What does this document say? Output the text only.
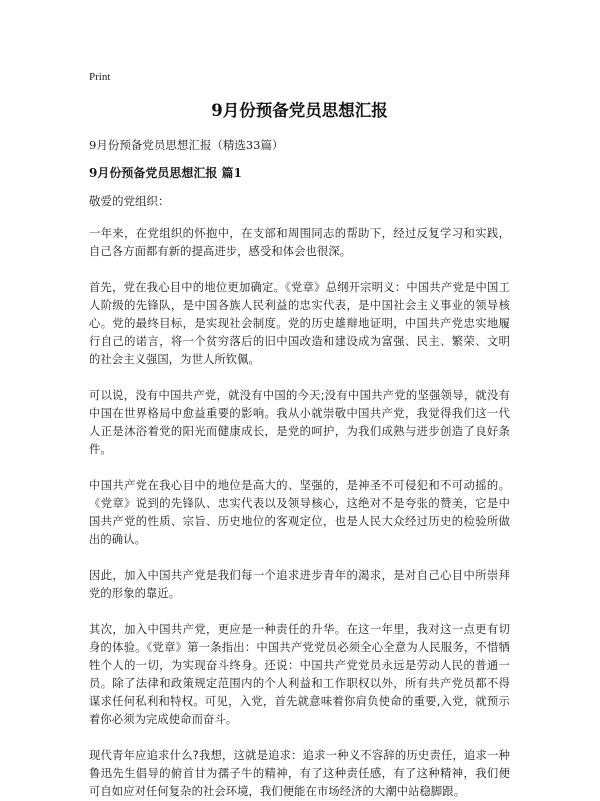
Print
9月份预备党员思想汇报
9月份预备党员思想汇报（精选33篇）
9月份预备党员思想汇报 篇1
敬爱的党组织：

一年来，在党组织的怀抱中，在支部和周围同志的帮助下，经过反复学习和实践，自己各方面都有新的提高进步，感受和体会也很深。

首先，党在我心目中的地位更加确定。《党章》总纲开宗明义：中国共产党是中国工人阶级的先锋队，是中国各族人民利益的忠实代表，是中国社会主义事业的领导核心。党的最终目标，是实现社会制度。党的历史雄辩地证明，中国共产党忠实地履行自己的诺言，将一个贫穷落后的旧中国改造和建设成为富强、民主、繁荣、文明的社会主义强国，为世人所钦佩。

可以说，没有中国共产党，就没有中国的今天;没有中国共产党的坚强领导，就没有中国在世界格局中愈益重要的影响。我从小就崇敬中国共产党，我觉得我们这一代人正是沐浴着党的阳光而健康成长，是党的呵护，为我们成熟与进步创造了良好条件。

中国共产党在我心目中的地位是高大的、坚强的，是神圣不可侵犯和不可动摇的。《党章》说到的先锋队、忠实代表以及领导核心，这绝对不是夸张的赞美，它是中国共产党的性质、宗旨、历史地位的客观定位，也是人民大众经过历史的检验所做出的确认。

因此，加入中国共产党是我们每一个追求进步青年的渴求，是对自己心目中所崇拜党的形象的靠近。

其次，加入中国共产党，更应是一种责任的升华。在这一年里，我对这一点更有切身的体验。《党章》第一条指出：中国共产党党员必须全心全意为人民服务，不惜牺牲个人的一切，为实现奋斗终身。还说：中国共产党党员永远是劳动人民的普通一员。除了法律和政策规定范围内的个人利益和工作职权以外，所有共产党员都不得谋求任何私利和特权。可见，入党，首先就意味着你肩负使命的重要,入党，就预示着你必须为完成使命而奋斗。

现代青年应追求什么?我想，这就是追求：追求一种义不容辞的历史责任，追求一种鲁迅先生倡导的俯首甘为孺子牛的精神，有了这种责任感，有了这种精神，我们便可自如应对任何复杂的社会环境，我们便能在市场经济的大潮中站稳脚跟。
